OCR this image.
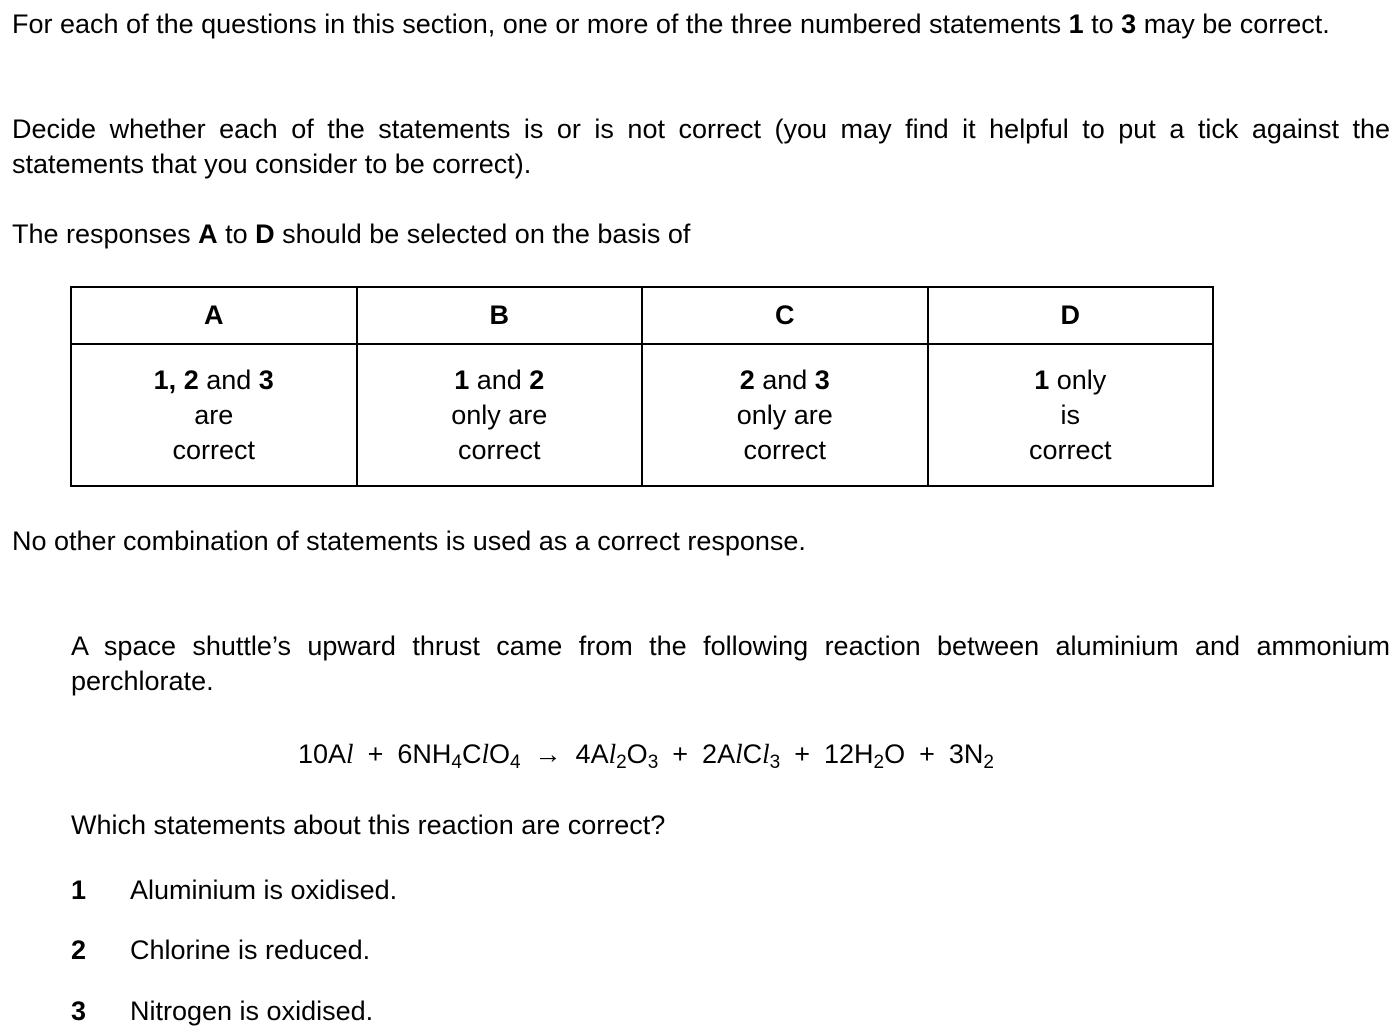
For each of the questions in this section, one or more of the three numbered statements 1 to 3 may be correct.

Decide whether each of the statements is or is not correct (you may find it helpful to put a tick against the statements that you consider to be correct).

The responses A to D should be selected on the basis of

A	B	C	D

1, 2 and 3
are
correct	1 and 2
only are
correct	2 and 3
only are
correct	1 only
is
correct

No other combination of statements is used as a correct response.

A space shuttle’s upward thrust came from the following reaction between aluminium and ammonium perchlorate.

$10Al + 6NH_4ClO_4 \to 4Al_2O_3$ + 2AlCl$_3$ + $12H_2O + 3N_2$

Which statements about this reaction are correct?

1 Aluminium is oxidised.

2 Chlorine is reduced.

3 Nitrogen is oxidised.
